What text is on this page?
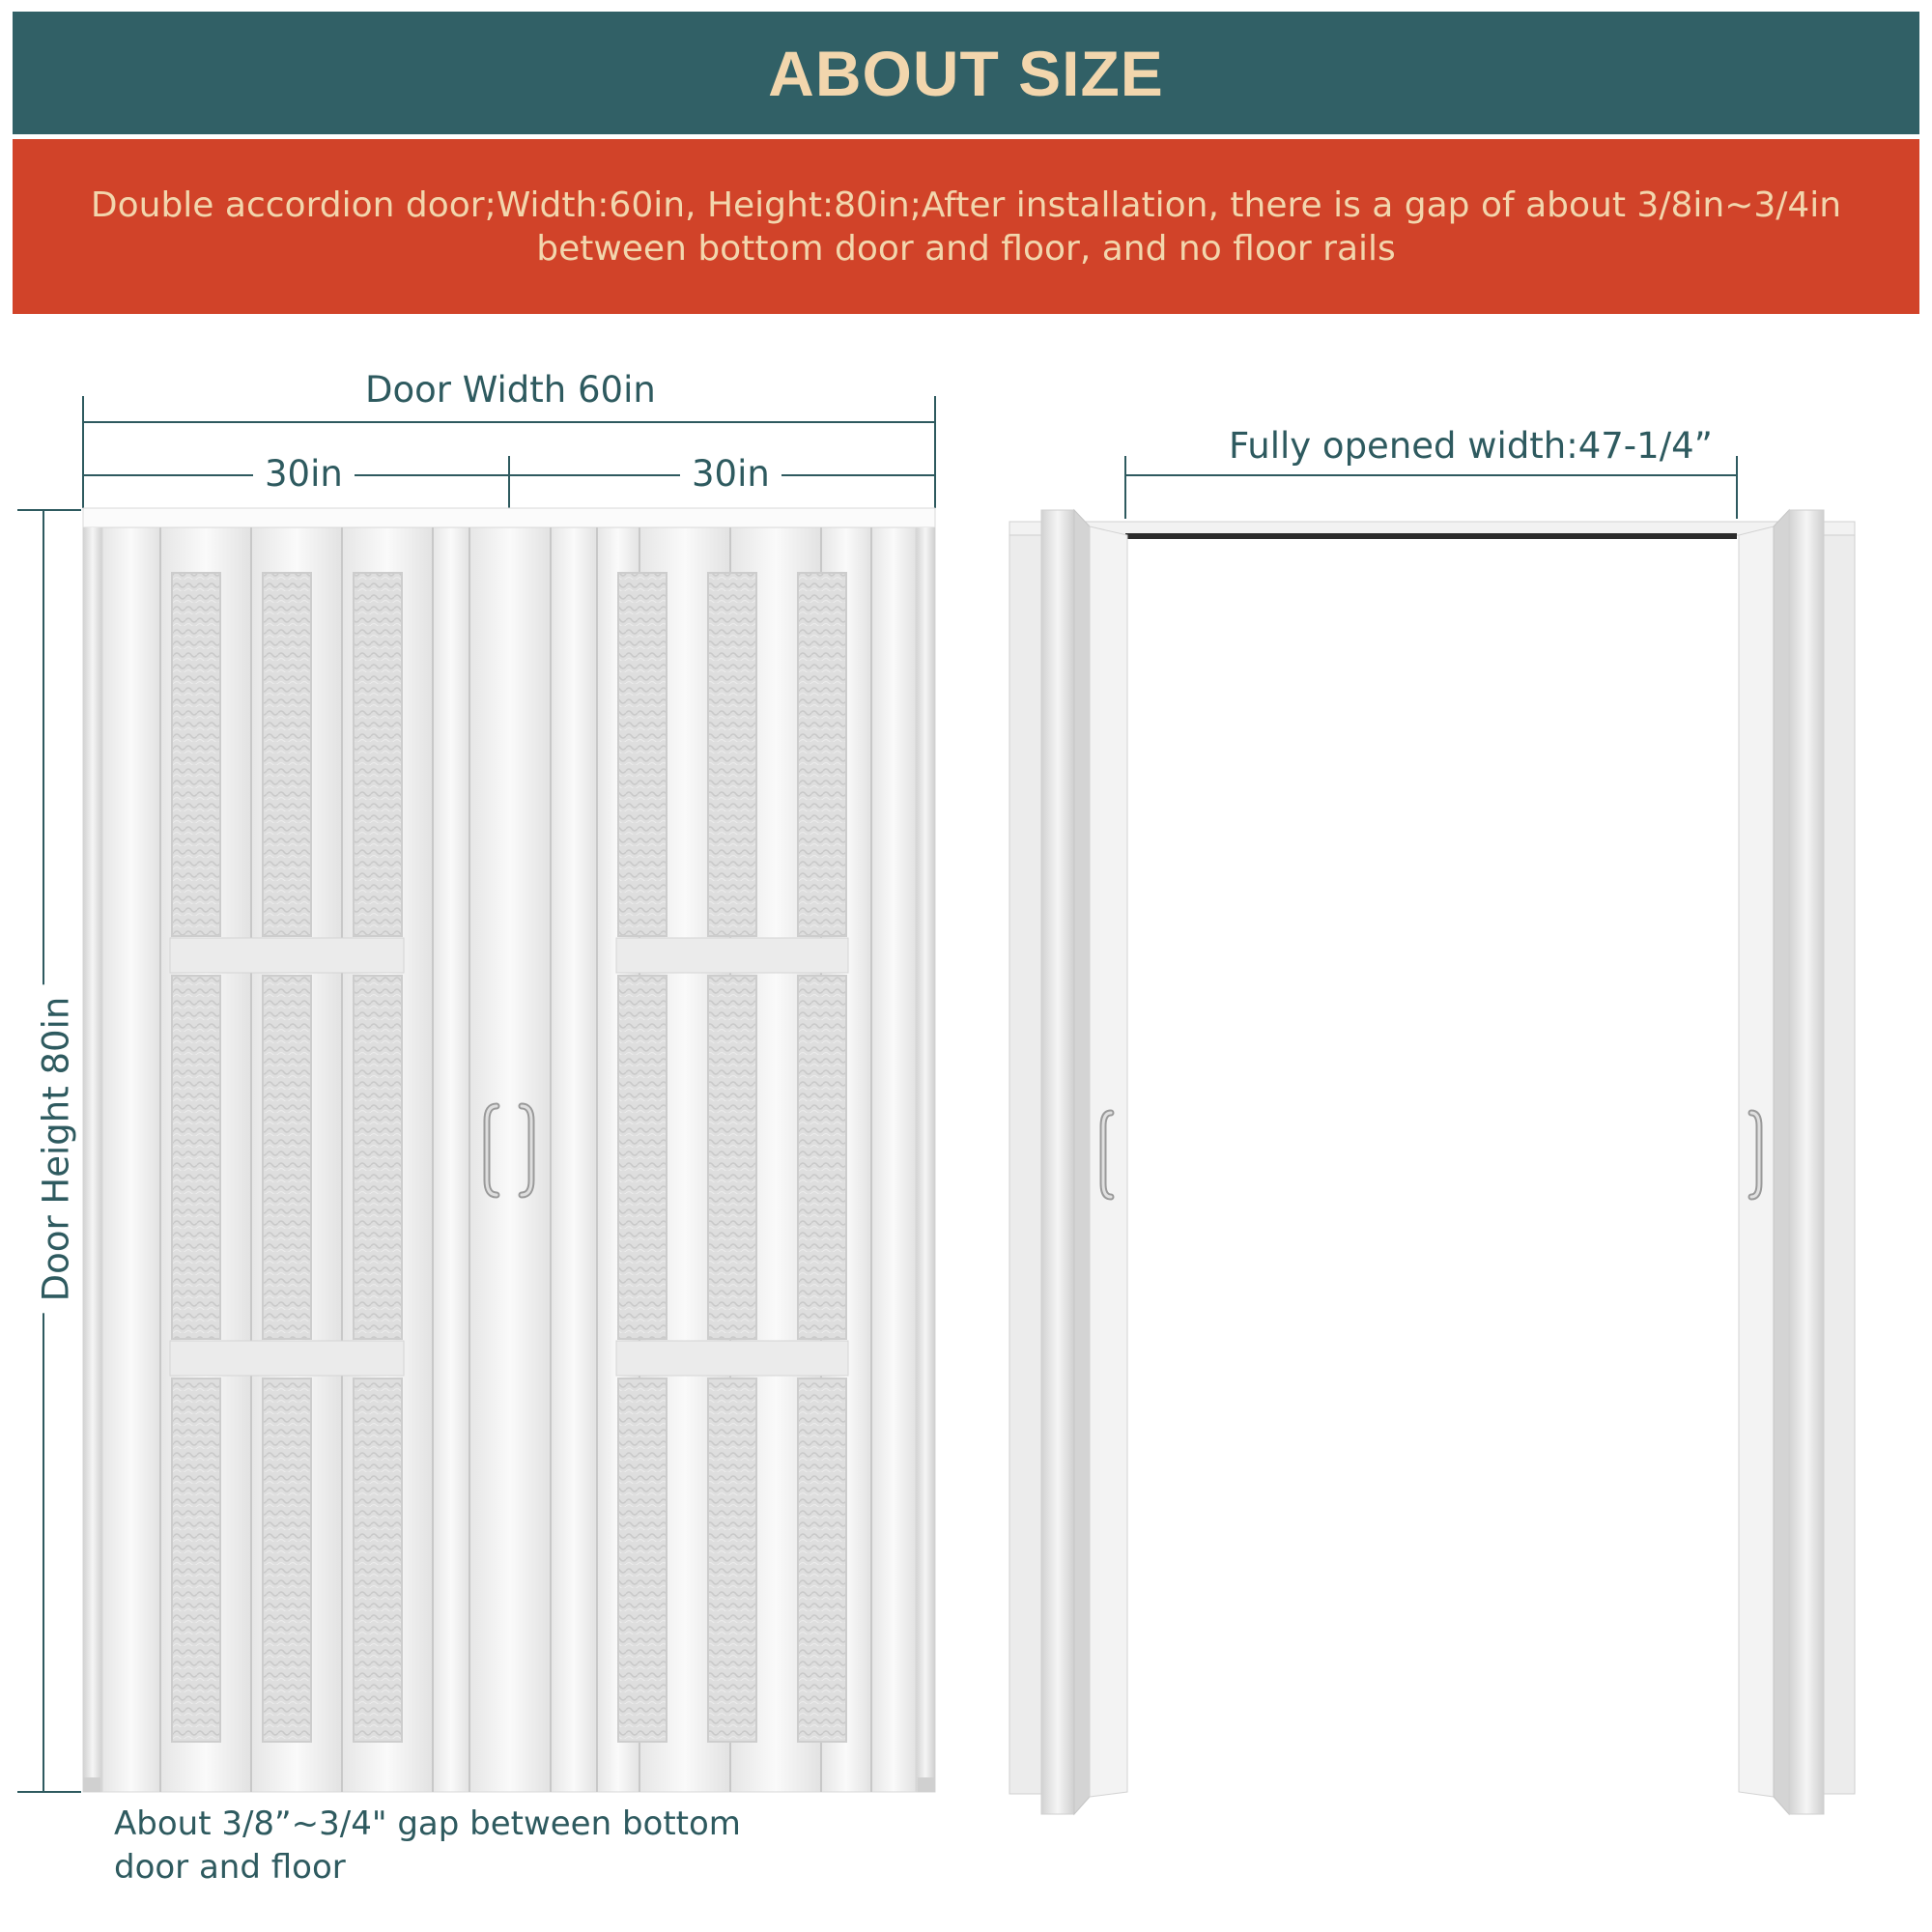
ABOUT SIZE
Double accordion door;Width:60in, Height:80in;After installation, there is a gap of about 3/8in~3/4in
between bottom door and floor, and no floor rails
Door Width 60in
30in	30in
Door Height 80in
Fully opened width:47-1/4”
About 3/8”~3/4" gap between bottom
door and floor
